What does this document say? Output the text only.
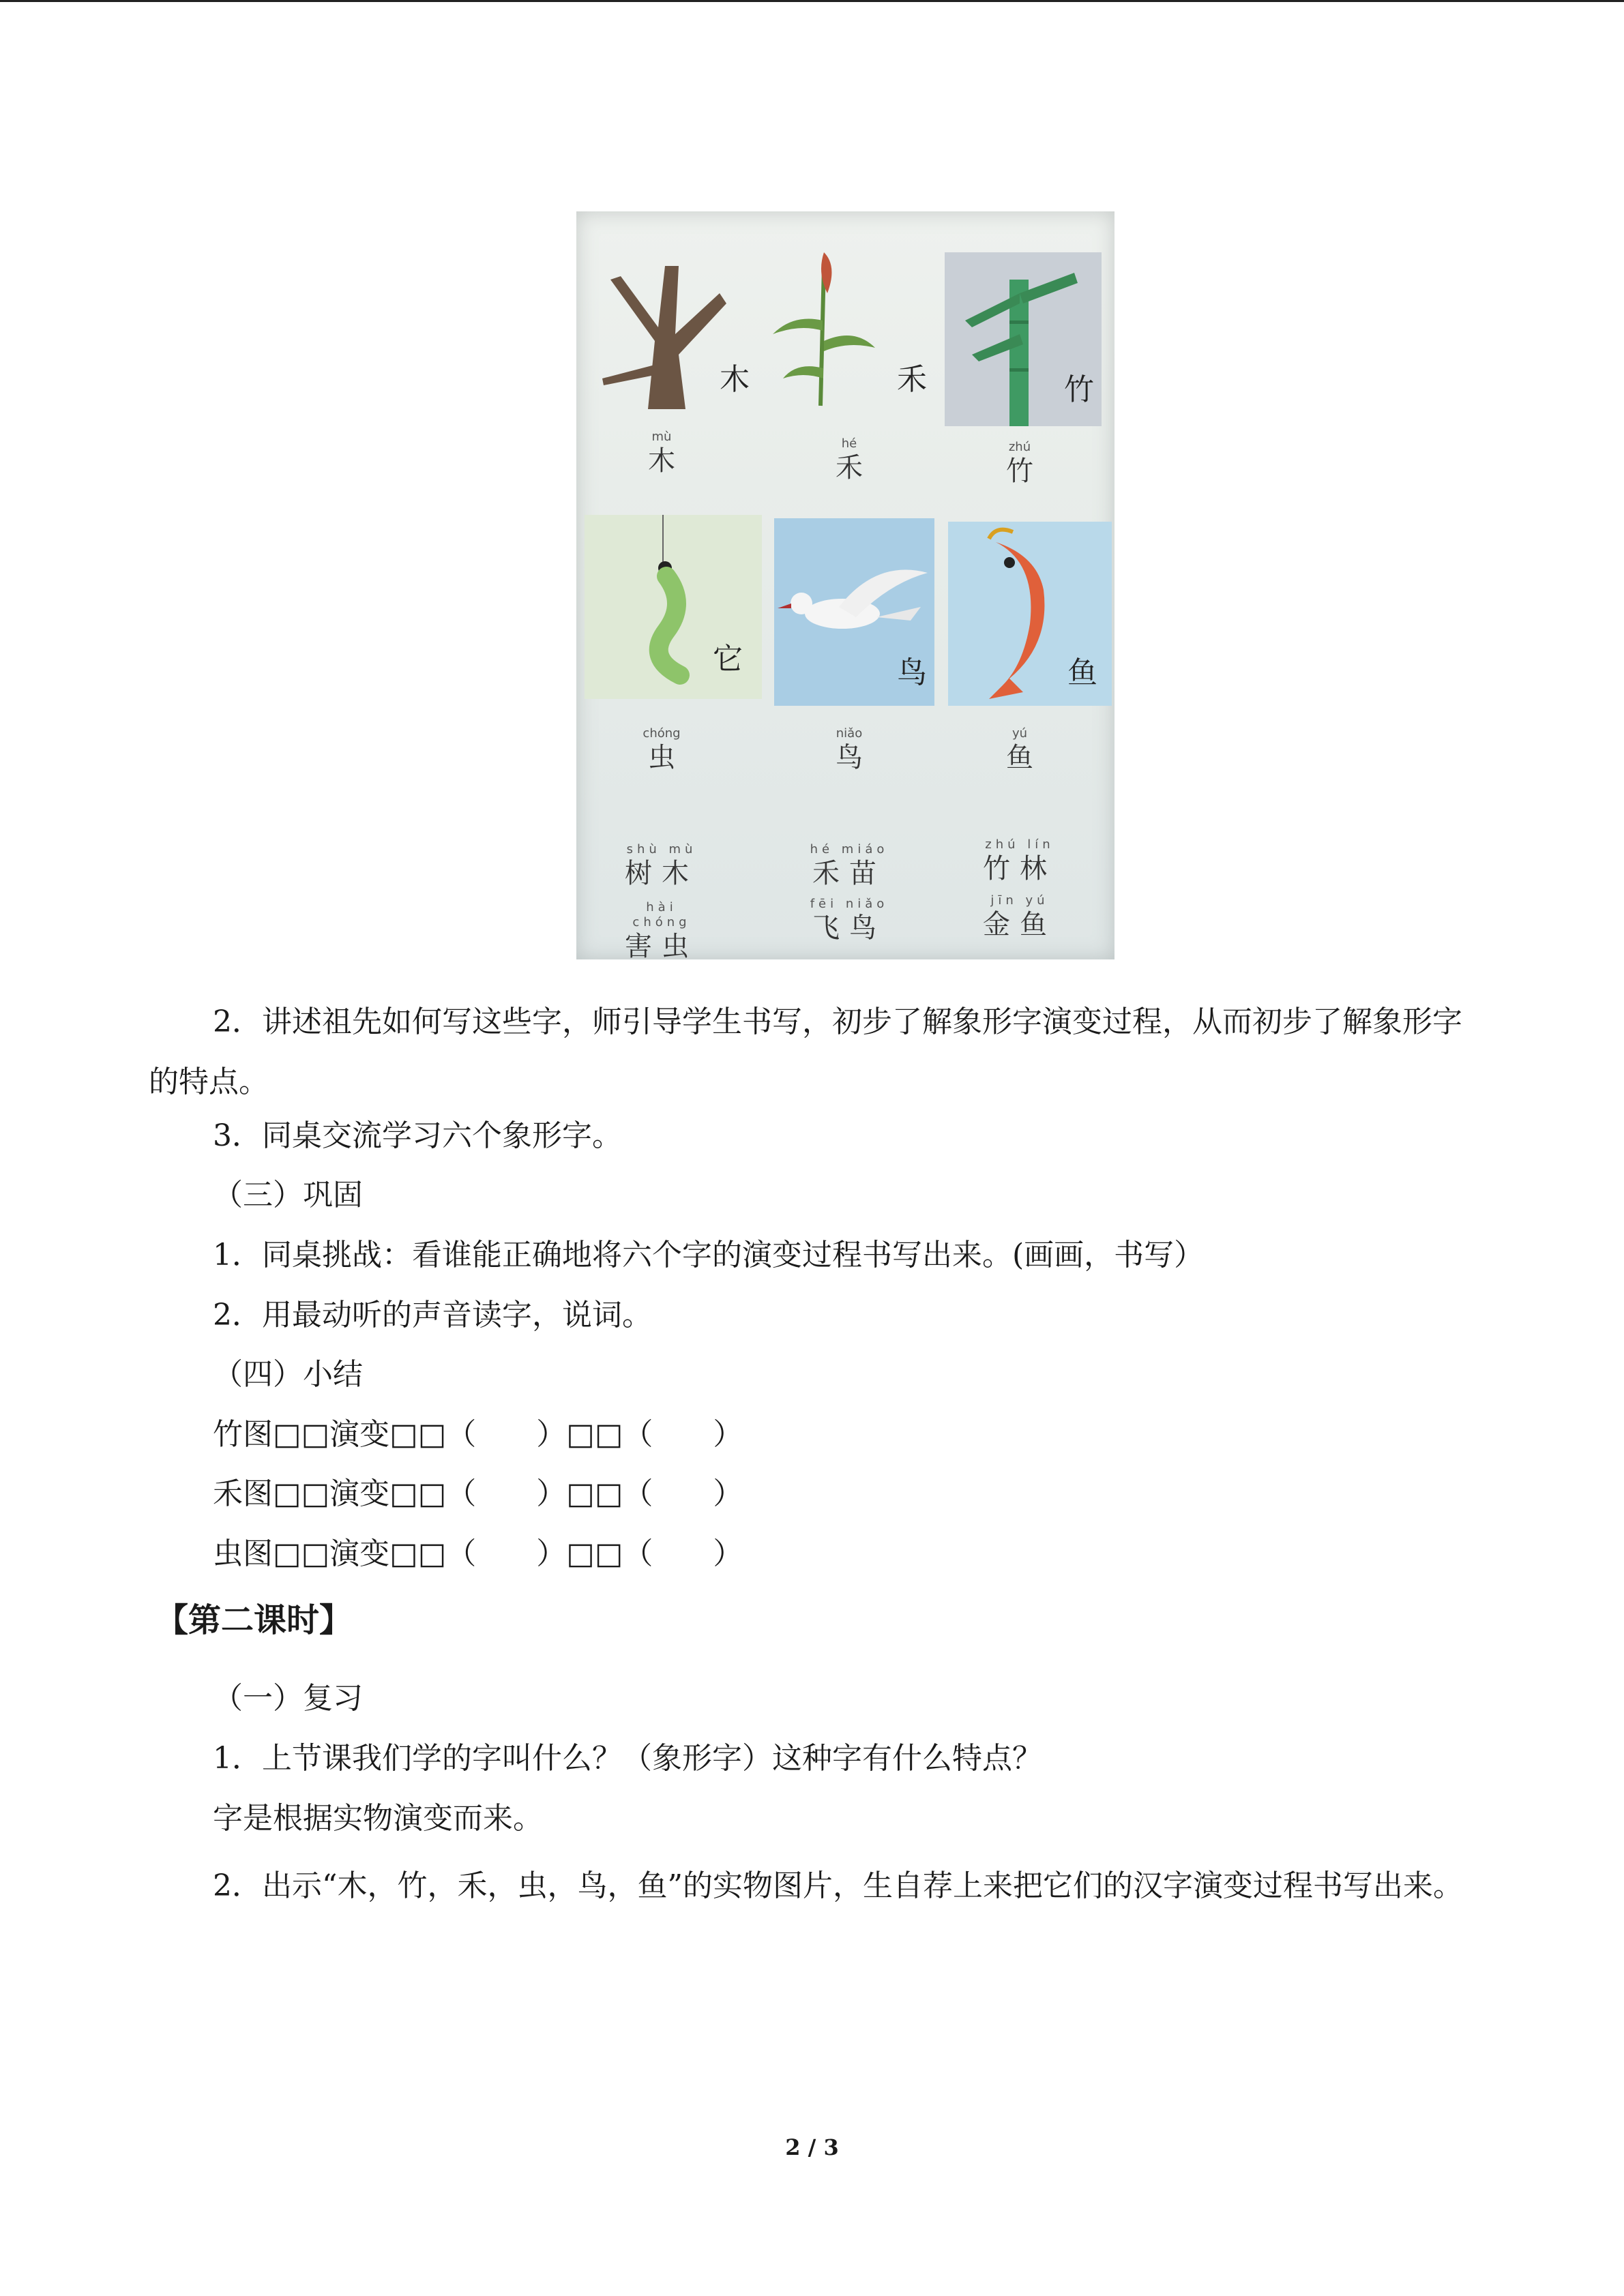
木	禾	竹
mù
木
hé
禾
zhú
竹
它	鸟	鱼
chóng
虫
niǎo
鸟
yú
鱼
shù mù
树木
hé miáo
禾苗
zhú lín
竹林
hài chóng
害虫
fēi niǎo
飞鸟
jīn yú
金鱼
2．讲述祖先如何写这些字，师引导学生书写，初步了解象形字演变过程，从而初步了解象形字的特点。
3．同桌交流学习六个象形字。
（三）巩固
1．同桌挑战：看谁能正确地将六个字的演变过程书写出来。(画画，书写）
2．用最动听的声音读字，说词。
（四）小结
竹图□□演变□□（　　）□□（　　）
禾图□□演变□□（　　）□□（　　）
虫图□□演变□□（　　）□□（　　）
【第二课时】
（一）复习
1．上节课我们学的字叫什么？（象形字）这种字有什么特点？
字是根据实物演变而来。
2．出示“木，竹，禾，虫，鸟，鱼”的实物图片，生自荐上来把它们的汉字演变过程书写出来。
2 / 3
